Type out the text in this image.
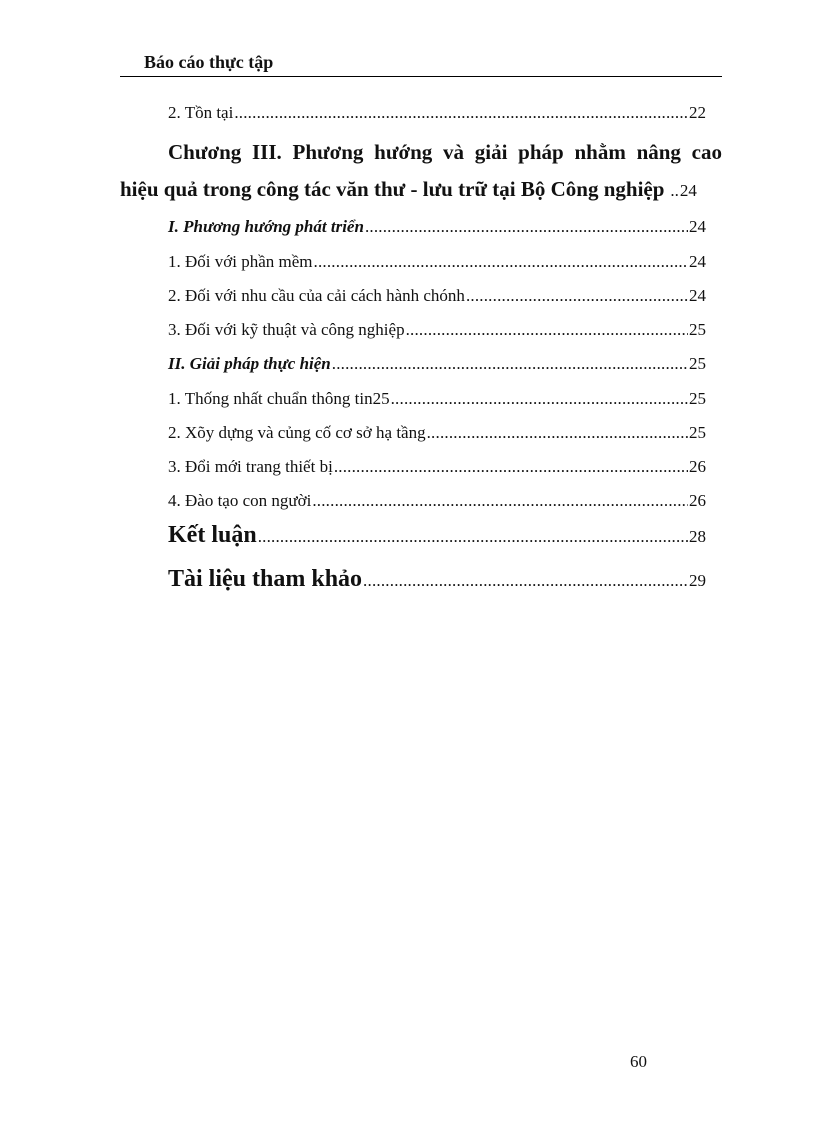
Báo cáo thực tập
2. Tồn tại .....	22
Chương III. Phương hướng và giải pháp nhằm nâng cao
hiệu quả trong công tác văn thư - lưu trữ tại Bộ Công nghiệp .. 24
I. Phương hướng phát triển .....	24
1. Đối với phần mềm .....	24
2. Đối với nhu cầu của cải cách hành chónh .....	24
3. Đối với kỹ thuật và công nghiệp .....	25
II. Giải pháp thực hiện .....	25
1. Thống nhất chuẩn thông tin25 .....	25
2. Xõy dựng và củng cố cơ sở hạ tầng .....	25
3. Đổi mới trang thiết bị .....	26
4. Đào tạo con người .....	26
Kết luận .....	28
Tài liệu tham khảo .....	29
60
